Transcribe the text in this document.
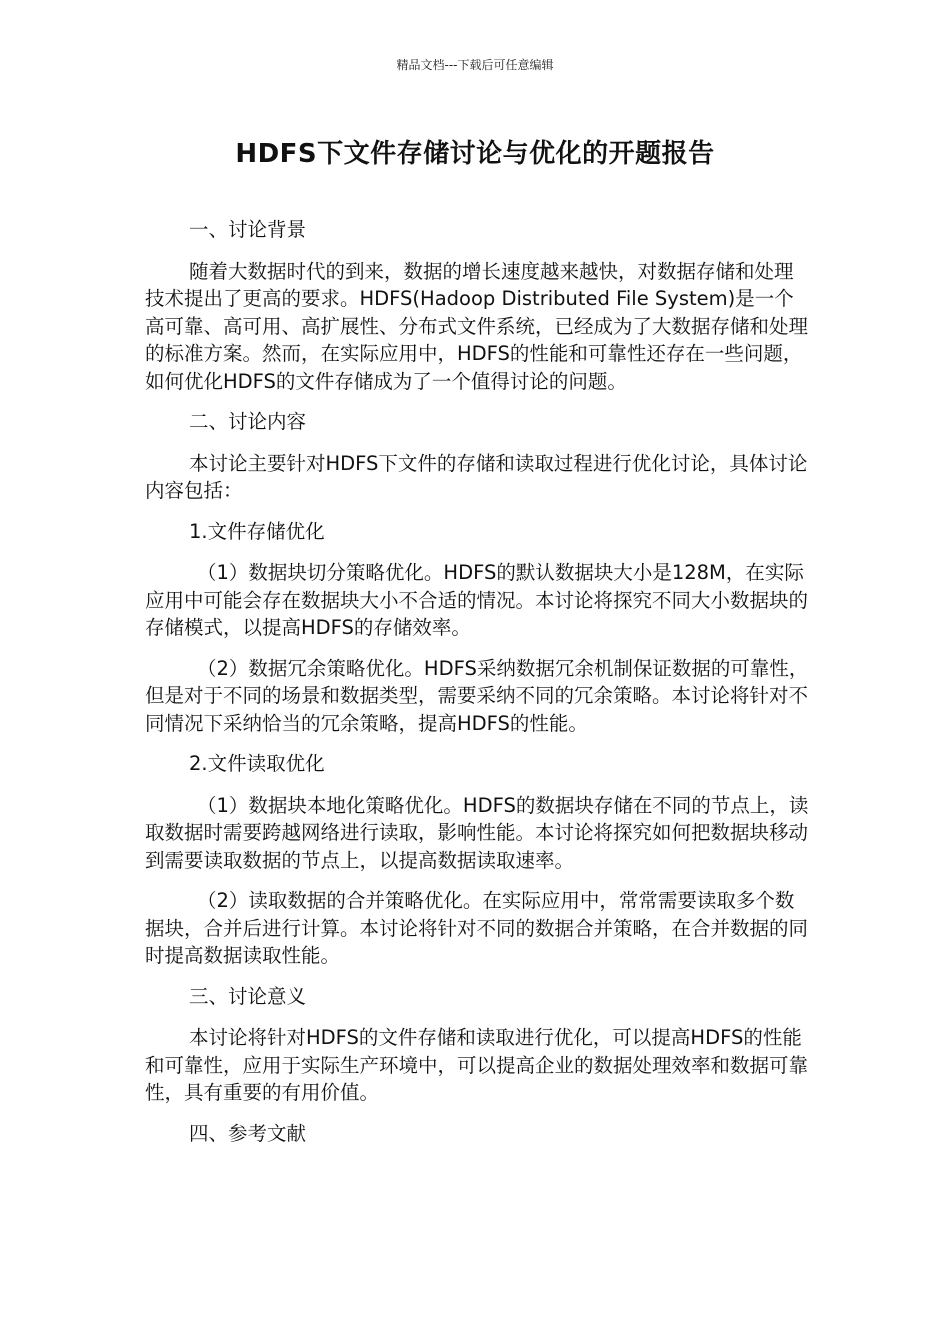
精品文档---下载后可任意编辑
HDFS下文件存储讨论与优化的开题报告

一、讨论背景

随着大数据时代的到来，数据的增长速度越来越快，对数据存储和处理技术提出了更高的要求。HDFS(Hadoop Distributed File System)是一个高可靠、高可用、高扩展性、分布式文件系统，已经成为了大数据存储和处理的标准方案。然而，在实际应用中，HDFS的性能和可靠性还存在一些问题，如何优化HDFS的文件存储成为了一个值得讨论的问题。

二、讨论内容

本讨论主要针对HDFS下文件的存储和读取过程进行优化讨论，具体讨论内容包括：

1.文件存储优化

（1）数据块切分策略优化。HDFS的默认数据块大小是128M，在实际应用中可能会存在数据块大小不合适的情况。本讨论将探究不同大小数据块的存储模式，以提高HDFS的存储效率。

（2）数据冗余策略优化。HDFS采纳数据冗余机制保证数据的可靠性，但是对于不同的场景和数据类型，需要采纳不同的冗余策略。本讨论将针对不同情况下采纳恰当的冗余策略，提高HDFS的性能。

2.文件读取优化

（1）数据块本地化策略优化。HDFS的数据块存储在不同的节点上，读取数据时需要跨越网络进行读取，影响性能。本讨论将探究如何把数据块移动到需要读取数据的节点上，以提高数据读取速率。

（2）读取数据的合并策略优化。在实际应用中，常常需要读取多个数据块，合并后进行计算。本讨论将针对不同的数据合并策略，在合并数据的同时提高数据读取性能。

三、讨论意义

本讨论将针对HDFS的文件存储和读取进行优化，可以提高HDFS的性能和可靠性，应用于实际生产环境中，可以提高企业的数据处理效率和数据可靠性，具有重要的有用价值。

四、参考文献
